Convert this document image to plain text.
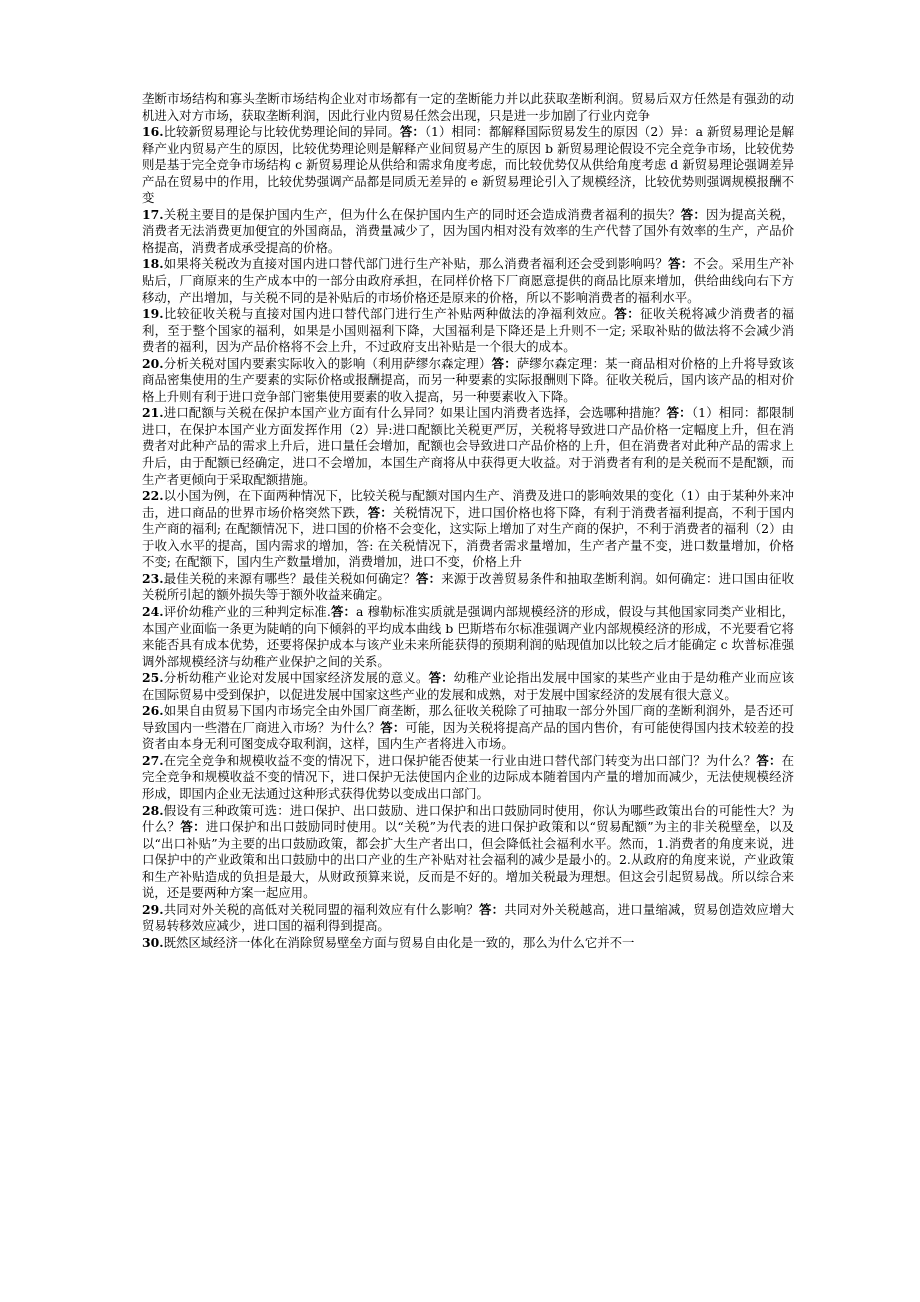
垄断市场结构和寡头垄断市场结构企业对市场都有一定的垄断能力并以此获取垄断利润。贸易后双方任然是有强劲的动机进入对方市场，获取垄断利润，因此行业内贸易任然会出现，只是进一步加剧了行业内竞争

16.比较新贸易理论与比较优势理论间的异同。答：（1）相同：都解释国际贸易发生的原因（2）异：a 新贸易理论是解释产业内贸易产生的原因，比较优势理论则是解释产业间贸易产生的原因 b 新贸易理论假设不完全竞争市场，比较优势则是基于完全竞争市场结构 c 新贸易理论从供给和需求角度考虑，而比较优势仅从供给角度考虑 d 新贸易理论强调差异产品在贸易中的作用，比较优势强调产品都是同质无差异的 e 新贸易理论引入了规模经济，比较优势则强调规模报酬不变

17.关税主要目的是保护国内生产，但为什么在保护国内生产的同时还会造成消费者福利的损失？答：因为提高关税，消费者无法消费更加便宜的外国商品，消费量减少了，因为国内相对没有效率的生产代替了国外有效率的生产，产品价格提高，消费者成承受提高的价格。

18.如果将关税改为直接对国内进口替代部门进行生产补贴，那么消费者福利还会受到影响吗？答：不会。采用生产补贴后，厂商原来的生产成本中的一部分由政府承担，在同样价格下厂商愿意提供的商品比原来增加，供给曲线向右下方移动，产出增加，与关税不同的是补贴后的市场价格还是原来的价格，所以不影响消费者的福利水平。

19.比较征收关税与直接对国内进口替代部门进行生产补贴两种做法的净福利效应。答：征收关税将减少消费者的福利，至于整个国家的福利，如果是小国则福利下降，大国福利是下降还是上升则不一定; 采取补贴的做法将不会减少消费者的福利，因为产品价格将不会上升，不过政府支出补贴是一个很大的成本。

20.分析关税对国内要素实际收入的影响（利用萨缪尔森定理）答：萨缪尔森定理：某一商品相对价格的上升将导致该商品密集使用的生产要素的实际价格或报酬提高，而另一种要素的实际报酬则下降。征收关税后，国内该产品的相对价格上升则有利于进口竞争部门密集使用要素的收入提高，另一种要素收入下降。

21.进口配额与关税在保护本国产业方面有什么异同？如果让国内消费者选择，会选哪种措施？答：（1）相同：都限制进口，在保护本国产业方面发挥作用（2）异:进口配额比关税更严厉，关税将导致进口产品价格一定幅度上升，但在消费者对此种产品的需求上升后，进口量任会增加，配额也会导致进口产品价格的上升，但在消费者对此种产品的需求上升后，由于配额已经确定，进口不会增加，本国生产商将从中获得更大收益。对于消费者有利的是关税而不是配额，而生产者更倾向于采取配额措施。

22.以小国为例，在下面两种情况下，比较关税与配额对国内生产、消费及进口的影响效果的变化（1）由于某种外来冲击，进口商品的世界市场价格突然下跌，答：关税情况下，进口国价格也将下降，有利于消费者福利提高，不利于国内生产商的福利; 在配额情况下，进口国的价格不会变化，这实际上增加了对生产商的保护，不利于消费者的福利（2）由于收入水平的提高，国内需求的增加，答: 在关税情况下，消费者需求量增加，生产者产量不变，进口数量增加，价格不变; 在配额下，国内生产数量增加，消费增加，进口不变，价格上升

23.最佳关税的来源有哪些？最佳关税如何确定？答：来源于改善贸易条件和抽取垄断利润。如何确定：进口国由征收关税所引起的额外损失等于额外收益来确定。

24.评价幼稚产业的三种判定标准.答：a 穆勒标准实质就是强调内部规模经济的形成，假设与其他国家同类产业相比，本国产业面临一条更为陡峭的向下倾斜的平均成本曲线 b 巴斯塔布尔标准强调产业内部规模经济的形成，不光要看它将来能否具有成本优势，还要将保护成本与该产业未来所能获得的预期利润的贴现值加以比较之后才能确定 c 坎普标准强调外部规模经济与幼稚产业保护之间的关系。

25.分析幼稚产业论对发展中国家经济发展的意义。答：幼稚产业论指出发展中国家的某些产业由于是幼稚产业而应该在国际贸易中受到保护，以促进发展中国家这些产业的发展和成熟，对于发展中国家经济的发展有很大意义。

26.如果自由贸易下国内市场完全由外国厂商垄断，那么征收关税除了可抽取一部分外国厂商的垄断利润外，是否还可导致国内一些潜在厂商进入市场？为什么？答：可能，因为关税将提高产品的国内售价，有可能使得国内技术较差的投资者由本身无利可图变成夺取利润，这样，国内生产者将进入市场。

27.在完全竞争和规模收益不变的情况下，进口保护能否使某一行业由进口替代部门转变为出口部门？为什么？答：在完全竞争和规模收益不变的情况下，进口保护无法使国内企业的边际成本随着国内产量的增加而减少，无法使规模经济形成，即国内企业无法通过这种形式获得优势以变成出口部门。

28.假设有三种政策可选：进口保护、出口鼓励、进口保护和出口鼓励同时使用，你认为哪些政策出台的可能性大？为什么？答：进口保护和出口鼓励同时使用。以“关税”为代表的进口保护政策和以“贸易配额”为主的非关税壁垒，以及以“出口补贴”为主要的出口鼓励政策，都会扩大生产者出口，但会降低社会福利水平。然而，1.消费者的角度来说，进口保护中的产业政策和出口鼓励中的出口产业的生产补贴对社会福利的减少是最小的。2.从政府的角度来说，产业政策和生产补贴造成的负担是最大，从财政预算来说，反而是不好的。增加关税最为理想。但这会引起贸易战。所以综合来说，还是要两种方案一起应用。

29.共同对外关税的高低对关税同盟的福利效应有什么影响？答：共同对外关税越高，进口量缩减，贸易创造效应增大贸易转移效应减少，进口国的福利得到提高。

30.既然区域经济一体化在消除贸易壁垒方面与贸易自由化是一致的，那么为什么它并不一
